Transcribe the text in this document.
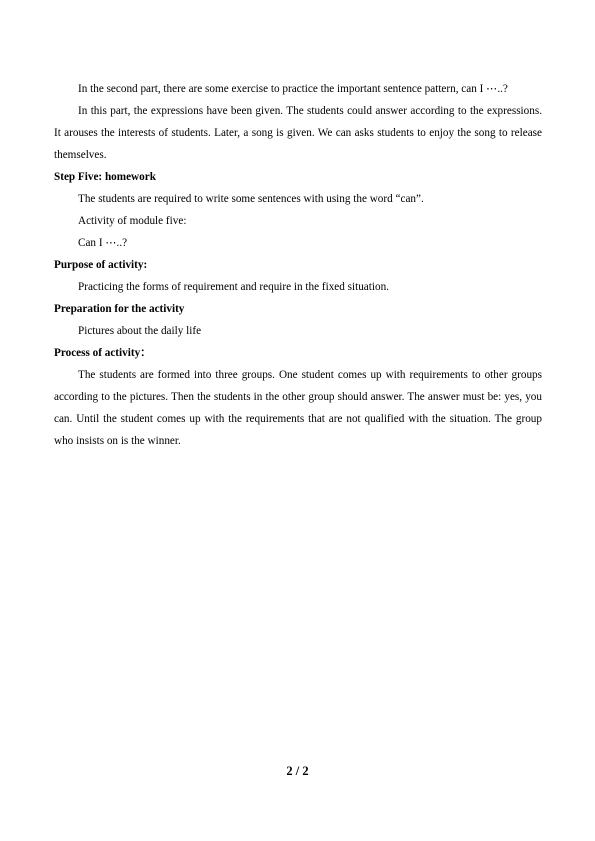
In the second part, there are some exercise to practice the important sentence pattern, can I ⋯..?

In this part, the expressions have been given. The students could answer according to the expressions. It arouses the interests of students. Later, a song is given. We can asks students to enjoy the song to release themselves.

Step Five: homework

The students are required to write some sentences with using the word “can”.

Activity of module five:

Can I ⋯..?

Purpose of activity:

Practicing the forms of requirement and require in the fixed situation.

Preparation for the activity

Pictures about the daily life

Process of activity：

The students are formed into three groups. One student comes up with requirements to other groups according to the pictures. Then the students in the other group should answer. The answer must be: yes, you can. Until the student comes up with the requirements that are not qualified with the situation. The group who insists on is the winner.

2 / 2
